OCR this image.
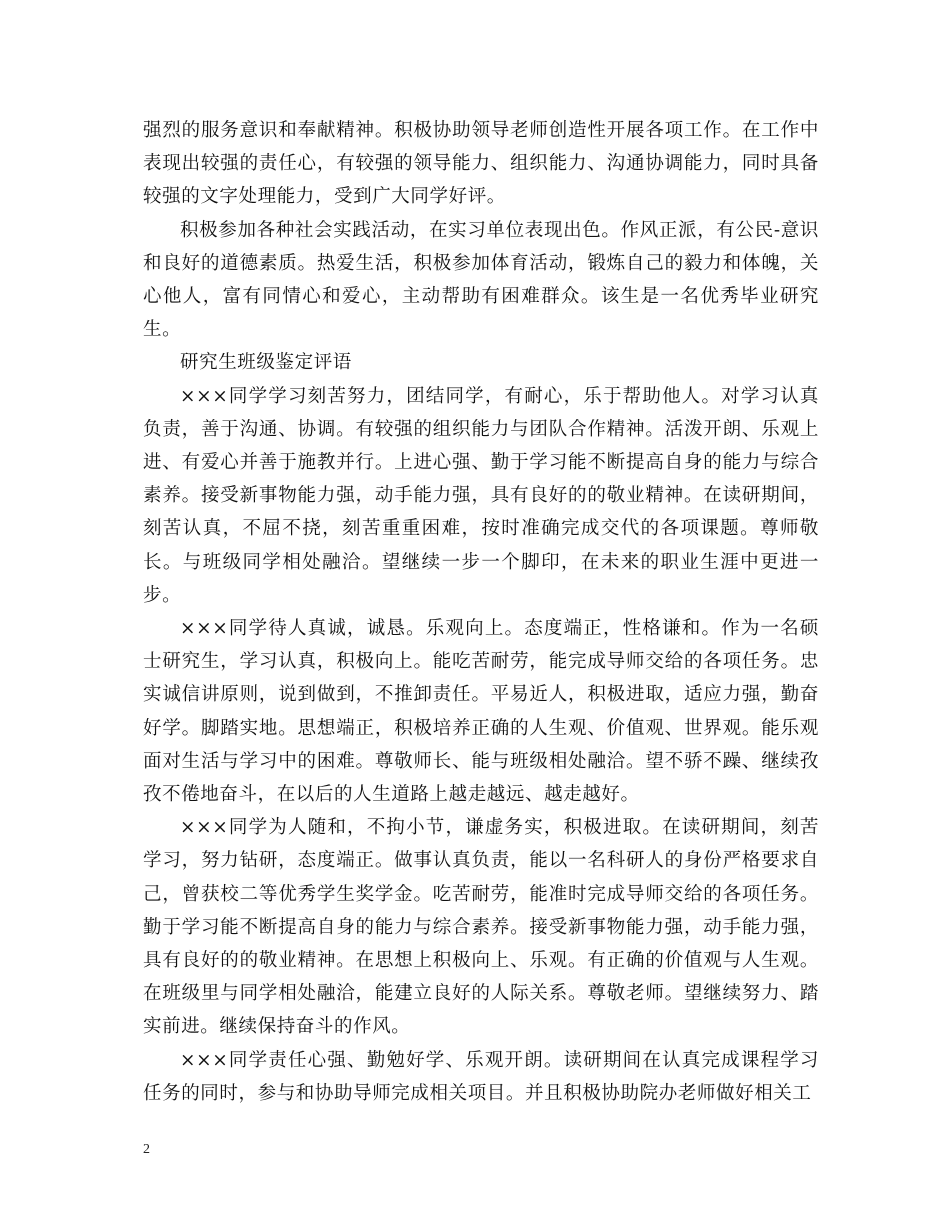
强烈的服务意识和奉献精神。积极协助领导老师创造性开展各项工作。在工作中表现出较强的责任心，有较强的领导能力、组织能力、沟通协调能力，同时具备较强的文字处理能力，受到广大同学好评。

积极参加各种社会实践活动，在实习单位表现出色。作风正派，有公民-意识和良好的道德素质。热爱生活，积极参加体育活动，锻炼自己的毅力和体魄，关心他人，富有同情心和爱心，主动帮助有困难群众。该生是一名优秀毕业研究生。

研究生班级鉴定评语

×××同学学习刻苦努力，团结同学，有耐心，乐于帮助他人。对学习认真负责，善于沟通、协调。有较强的组织能力与团队合作精神。活泼开朗、乐观上进、有爱心并善于施教并行。上进心强、勤于学习能不断提高自身的能力与综合素养。接受新事物能力强，动手能力强，具有良好的的敬业精神。在读研期间，刻苦认真，不屈不挠，刻苦重重困难，按时准确完成交代的各项课题。尊师敬长。与班级同学相处融洽。望继续一步一个脚印，在未来的职业生涯中更进一步。

×××同学待人真诚，诚恳。乐观向上。态度端正，性格谦和。作为一名硕士研究生，学习认真，积极向上。能吃苦耐劳，能完成导师交给的各项任务。忠实诚信讲原则，说到做到，不推卸责任。平易近人，积极进取，适应力强，勤奋好学。脚踏实地。思想端正，积极培养正确的人生观、价值观、世界观。能乐观面对生活与学习中的困难。尊敬师长、能与班级相处融洽。望不骄不躁、继续孜孜不倦地奋斗，在以后的人生道路上越走越远、越走越好。

×××同学为人随和，不拘小节，谦虚务实，积极进取。在读研期间，刻苦学习，努力钻研，态度端正。做事认真负责，能以一名科研人的身份严格要求自己，曾获校二等优秀学生奖学金。吃苦耐劳，能准时完成导师交给的各项任务。勤于学习能不断提高自身的能力与综合素养。接受新事物能力强，动手能力强，具有良好的的敬业精神。在思想上积极向上、乐观。有正确的价值观与人生观。在班级里与同学相处融洽，能建立良好的人际关系。尊敬老师。望继续努力、踏实前进。继续保持奋斗的作风。

×××同学责任心强、勤勉好学、乐观开朗。读研期间在认真完成课程学习任务的同时，参与和协助导师完成相关项目。并且积极协助院办老师做好相关工

2
